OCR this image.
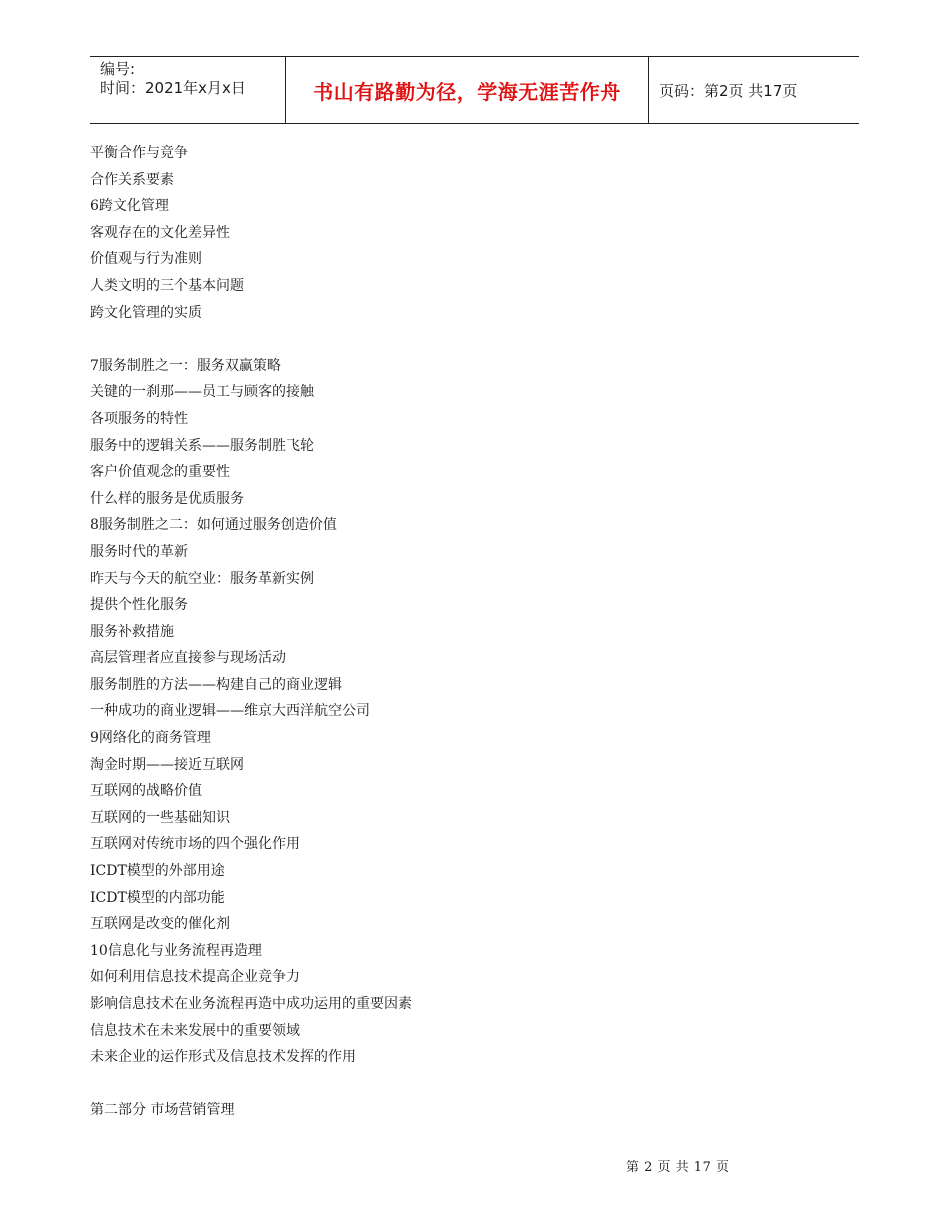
编号:
时间：2021年x月x日	书山有路勤为径，学海无涯苦作舟	页码：第2页 共17页
平衡合作与竞争
合作关系要素
6跨文化管理
客观存在的文化差异性
价值观与行为准则
人类文明的三个基本问题
跨文化管理的实质
7服务制胜之一：服务双赢策略
关键的一刹那——员工与顾客的接触
各项服务的特性
服务中的逻辑关系——服务制胜飞轮
客户价值观念的重要性
什么样的服务是优质服务
8服务制胜之二：如何通过服务创造价值
服务时代的革新
昨天与今天的航空业：服务革新实例
提供个性化服务
服务补救措施
高层管理者应直接参与现场活动
服务制胜的方法——构建自己的商业逻辑
一种成功的商业逻辑——维京大西洋航空公司
9网络化的商务管理
淘金时期——接近互联网
互联网的战略价值
互联网的一些基础知识
互联网对传统市场的四个强化作用
ICDT模型的外部用途
ICDT模型的内部功能
互联网是改变的催化剂
10信息化与业务流程再造理
如何利用信息技术提高企业竞争力
影响信息技术在业务流程再造中成功运用的重要因素
信息技术在未来发展中的重要领域
未来企业的运作形式及信息技术发挥的作用
第二部分 市场营销管理
第 2 页 共 17 页
